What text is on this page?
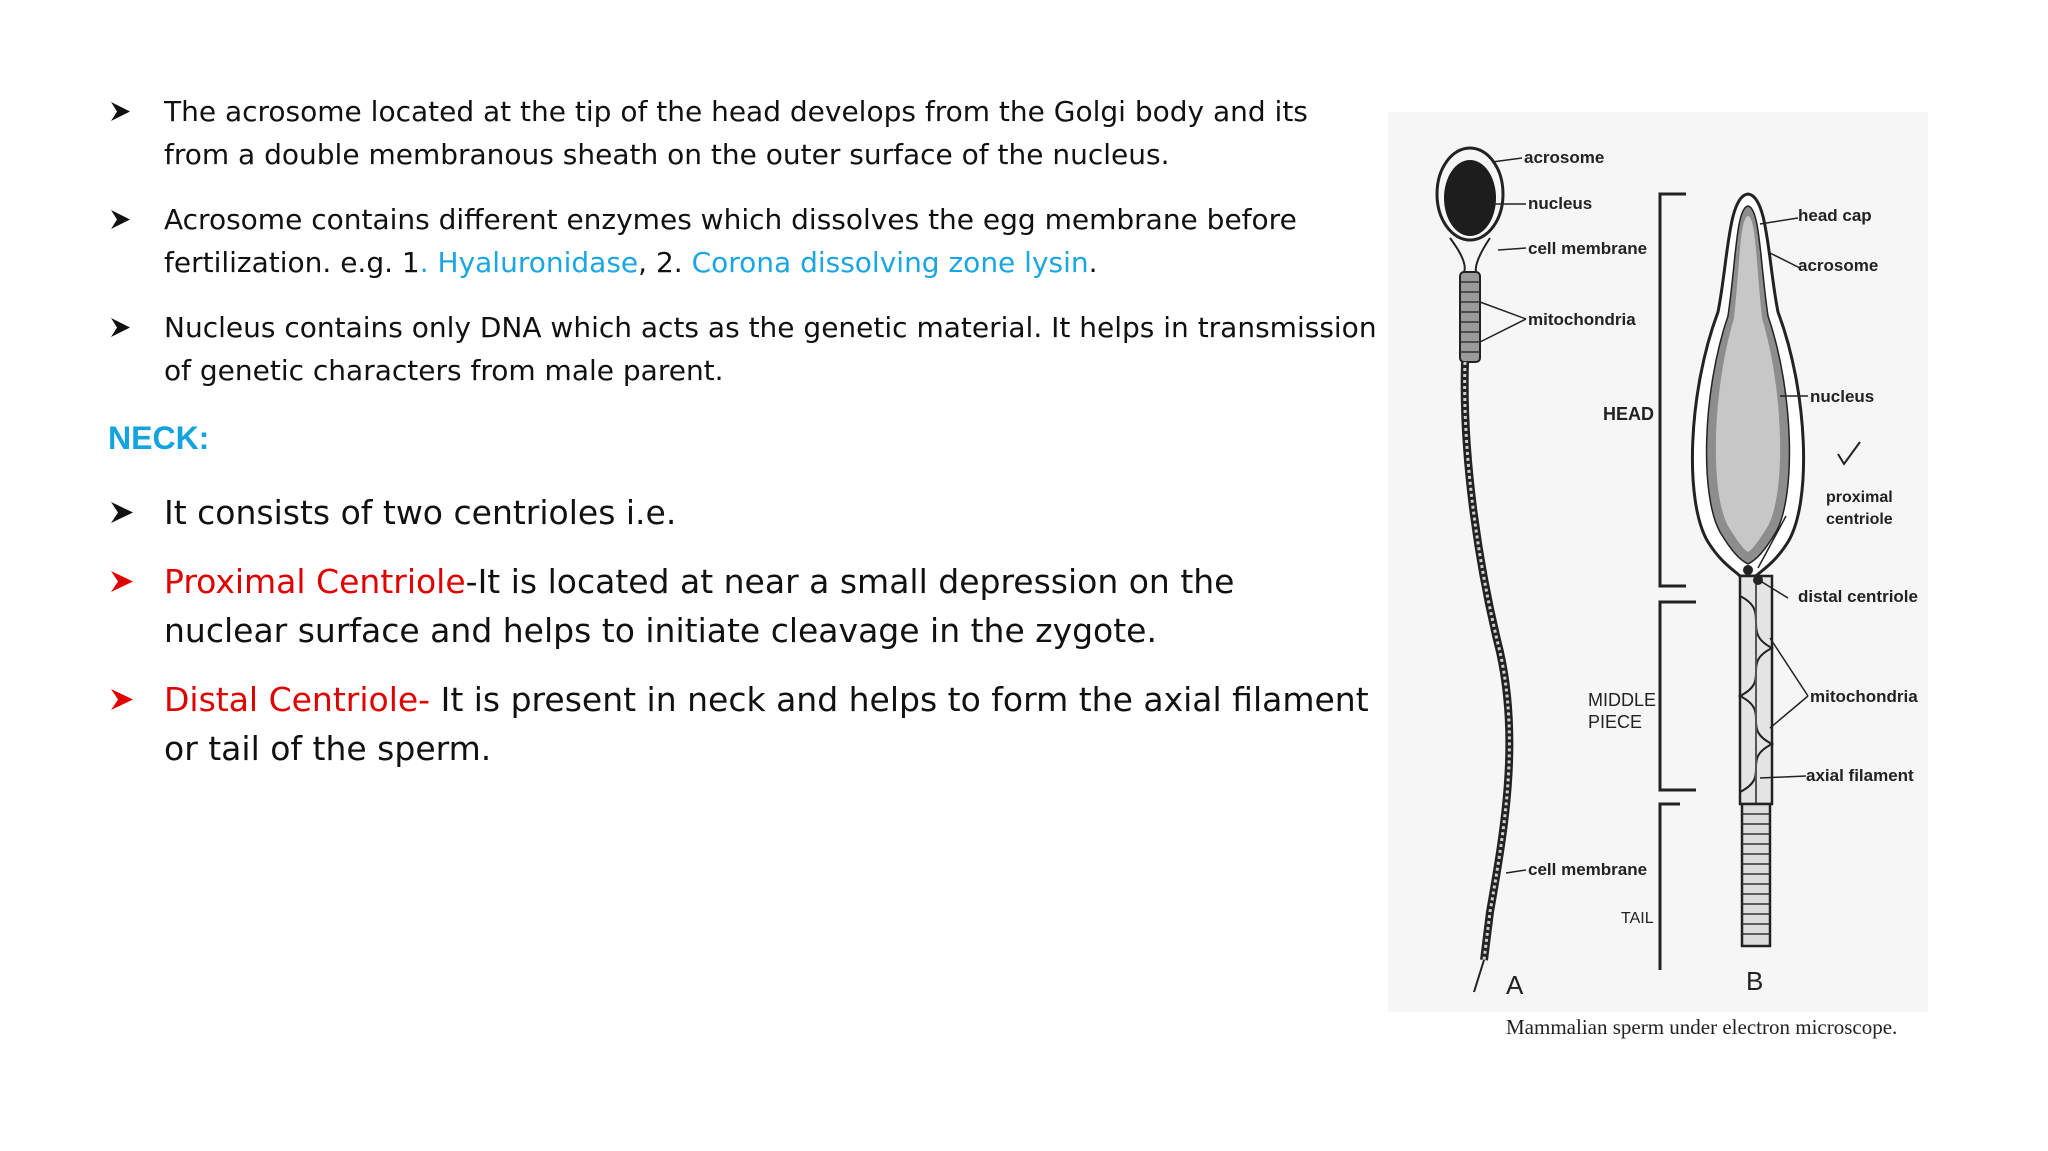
The acrosome located at the tip of the head develops from the Golgi body and its from a double membranous sheath on the outer surface of the nucleus.
Acrosome contains different enzymes which dissolves the egg membrane before fertilization. e.g. 1. Hyaluronidase, 2. Corona dissolving zone lysin.
Nucleus contains only DNA which acts as the genetic material. It helps in transmission of genetic characters from male parent.
NECK:
It consists of two centrioles i.e.
Proximal Centriole-It is located at near a small depression on the nuclear surface and helps to initiate cleavage in the zygote.
Distal Centriole- It is present in neck and helps to form the axial filament or tail of the sperm.
acrosome
nucleus
cell membrane
mitochondria
cell membrane
A
HEAD
MIDDLE
PIECE
TAIL
head cap
acrosome
nucleus
proximal
centriole
distal centriole
mitochondria
axial filament
B
Mammalian sperm under electron microscope.
